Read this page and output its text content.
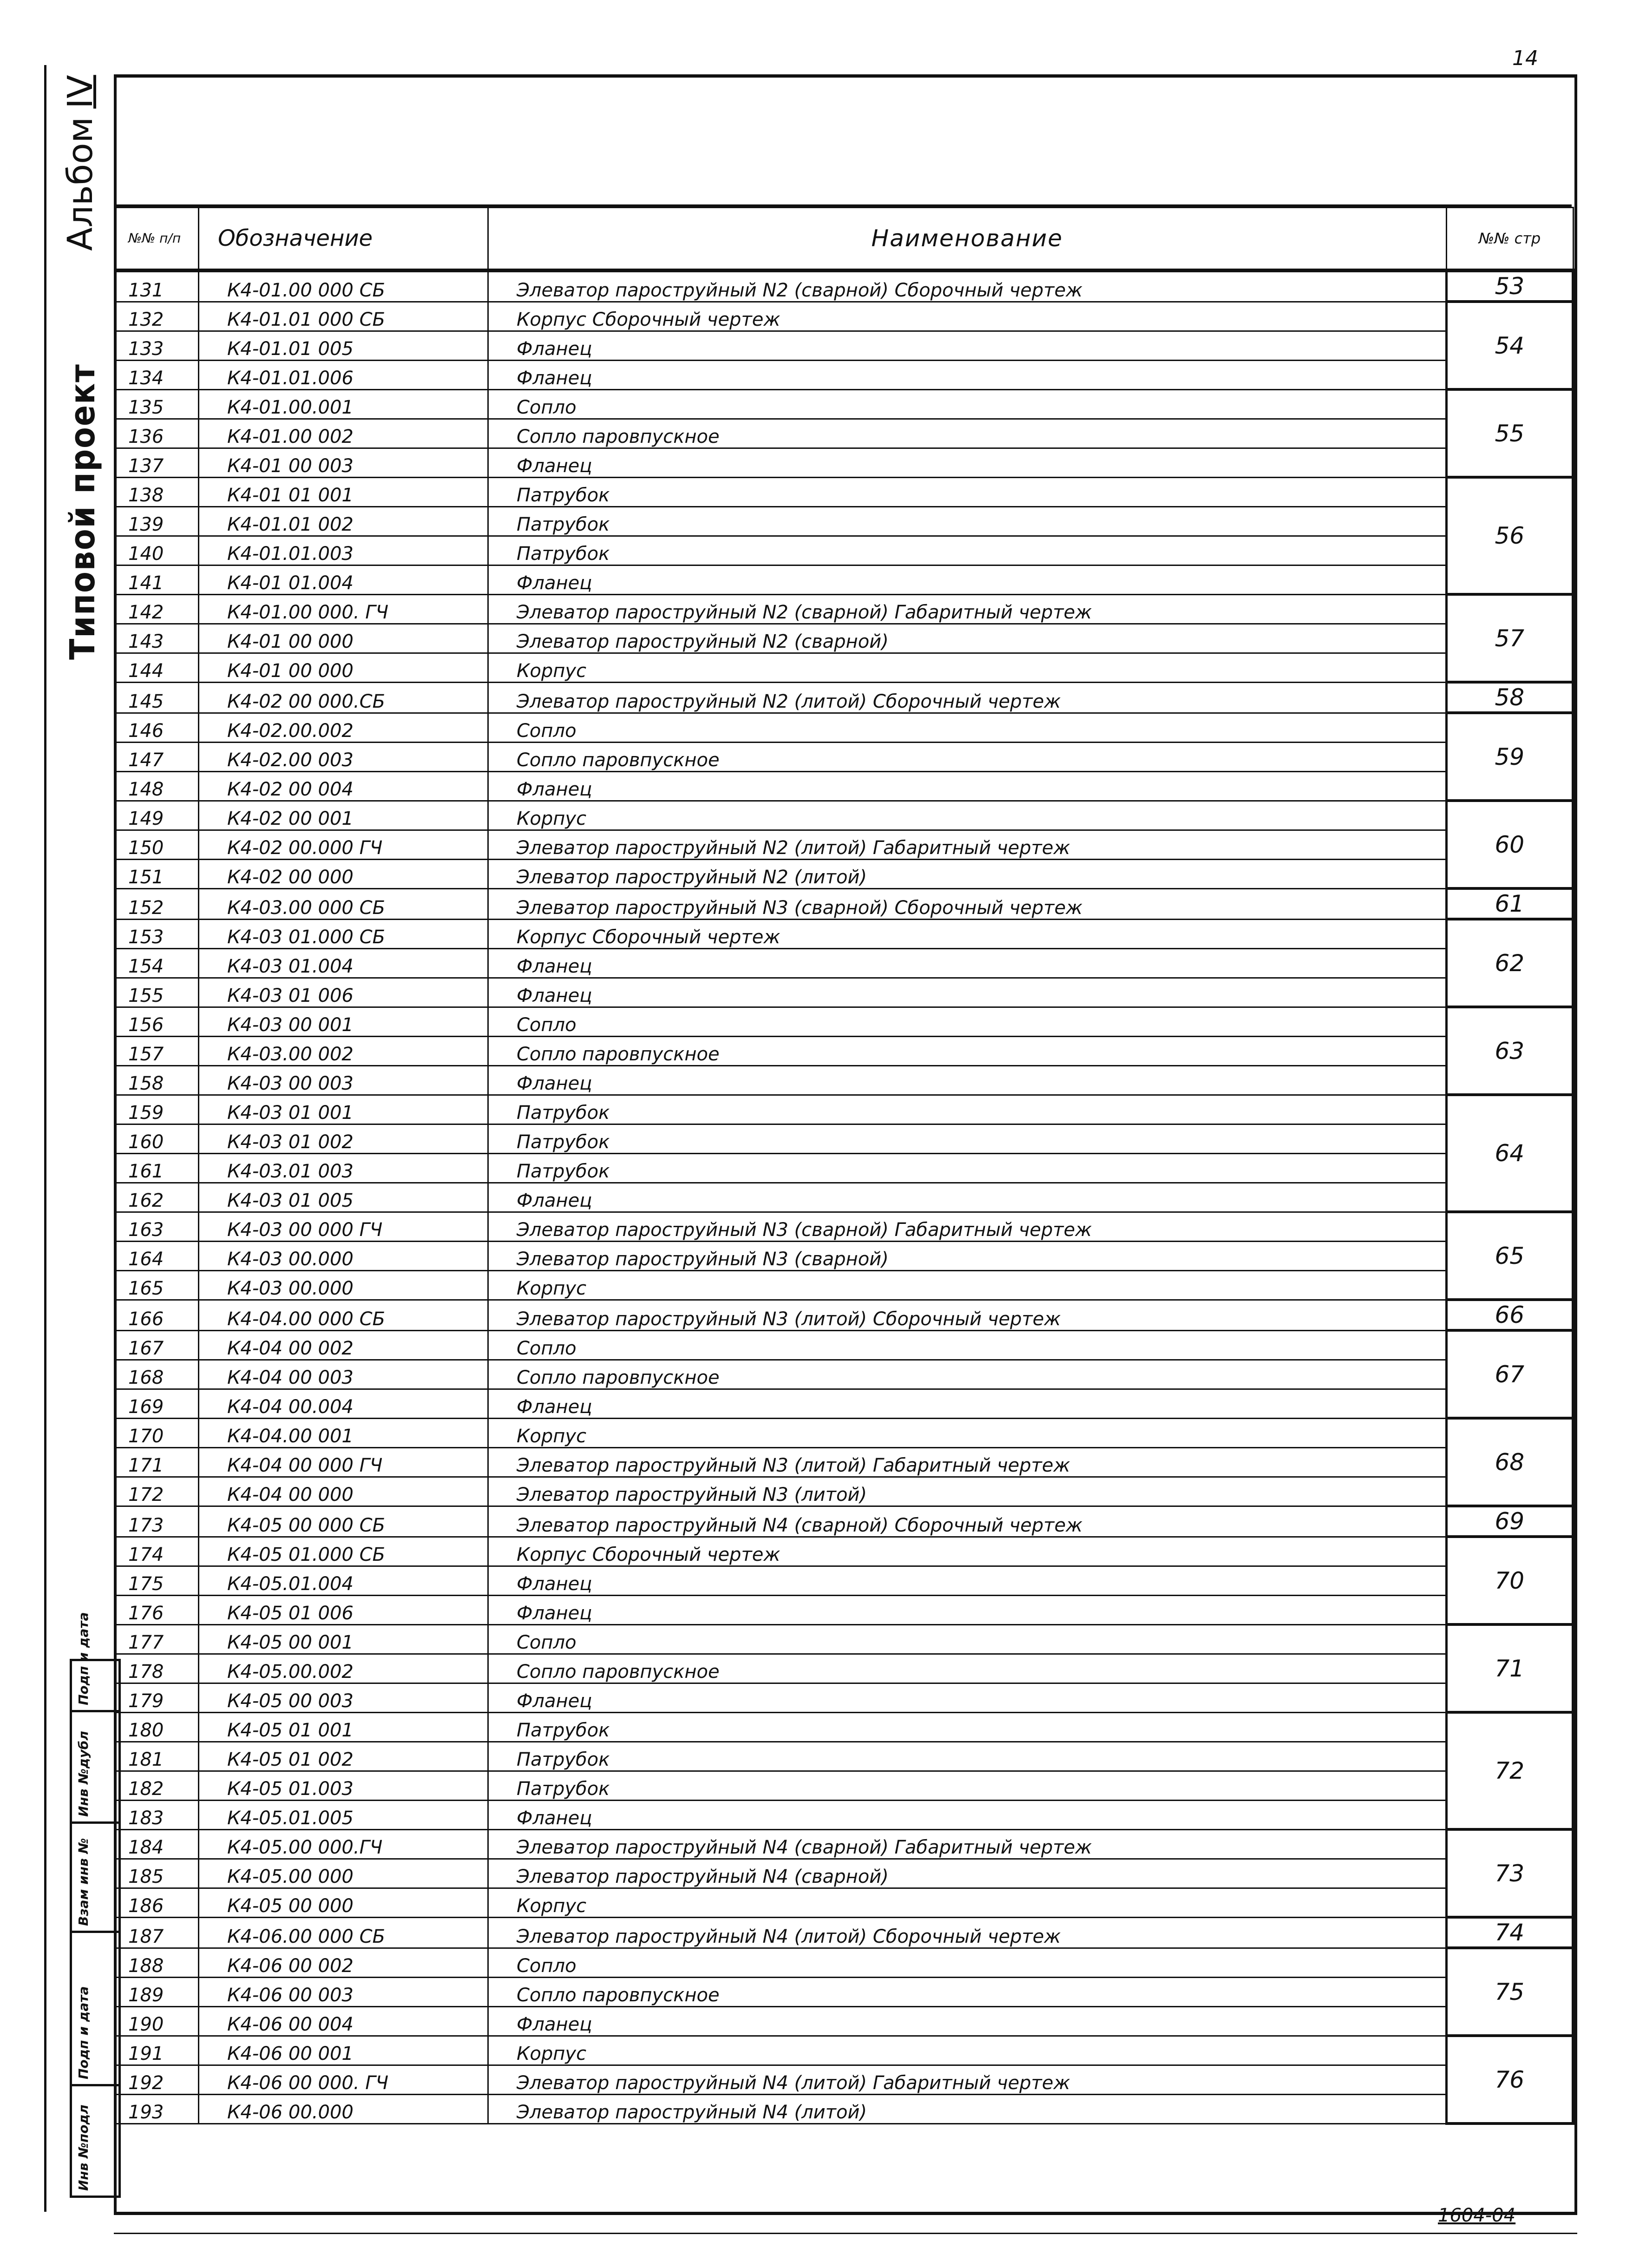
АльбомIV
Типовой проект
14
№№ п/п	Обозначение	Наименование	№№ стр
131	К4-01.00 000 СБ	Элеватор пароструйный N2 (сварной) Сборочный чертеж	53
132	К4-01.01 000 СБ	Корпус Сборочный чертеж	54
133	К4-01.01 005	Фланец	
134	К4-01.01.006	Фланец	
135	К4-01.00.001	Сопло	55
136	К4-01.00 002	Сопло паровпускное	
137	К4-01 00 003	Фланец	
138	К4-01 01 001	Патрубок	56
139	К4-01.01 002	Патрубок	
140	К4-01.01.003	Патрубок	
141	К4-01 01.004	Фланец	
142	К4-01.00 000. ГЧ	Элеватор пароструйный N2 (сварной) Габаритный чертеж	57
143	К4-01 00 000	Элеватор пароструйный N2 (сварной)	
144	К4-01 00 000	Корпус	
145	К4-02 00 000.СБ	Элеватор пароструйный N2 (литой) Сборочный чертеж	58
146	К4-02.00.002	Сопло	59
147	К4-02.00 003	Сопло паровпускное	
148	К4-02 00 004	Фланец	
149	К4-02 00 001	Корпус	60
150	К4-02 00.000 ГЧ	Элеватор пароструйный N2 (литой) Габаритный чертеж	
151	К4-02 00 000	Элеватор пароструйный N2 (литой)	
152	К4-03.00 000 СБ	Элеватор пароструйный N3 (сварной) Сборочный чертеж	61
153	К4-03 01.000 СБ	Корпус Сборочный чертеж	62
154	К4-03 01.004	Фланец	
155	К4-03 01 006	Фланец	
156	К4-03 00 001	Сопло	63
157	К4-03.00 002	Сопло паровпускное	
158	К4-03 00 003	Фланец	
159	К4-03 01 001	Патрубок	64
160	К4-03 01 002	Патрубок	
161	К4-03.01 003	Патрубок	
162	К4-03 01 005	Фланец	
163	К4-03 00 000 ГЧ	Элеватор пароструйный N3 (сварной) Габаритный чертеж	65
164	К4-03 00.000	Элеватор пароструйный N3 (сварной)	
165	К4-03 00.000	Корпус	
166	К4-04.00 000 СБ	Элеватор пароструйный N3 (литой) Сборочный чертеж	66
167	К4-04 00 002	Сопло	67
168	К4-04 00 003	Сопло паровпускное	
169	К4-04 00.004	Фланец	
170	К4-04.00 001	Корпус	68
171	К4-04 00 000 ГЧ	Элеватор пароструйный N3 (литой) Габаритный чертеж	
172	К4-04 00 000	Элеватор пароструйный N3 (литой)	
173	К4-05 00 000 СБ	Элеватор пароструйный N4 (сварной) Сборочный чертеж	69
174	К4-05 01.000 СБ	Корпус Сборочный чертеж	70
175	К4-05.01.004	Фланец	
176	К4-05 01 006	Фланец	
177	К4-05 00 001	Сопло	71
178	К4-05.00.002	Сопло паровпускное	
179	К4-05 00 003	Фланец	
180	К4-05 01 001	Патрубок	72
181	К4-05 01 002	Патрубок	
182	К4-05 01.003	Патрубок	
183	К4-05.01.005	Фланец	
184	К4-05.00 000.ГЧ	Элеватор пароструйный N4 (сварной) Габаритный чертеж	73
185	К4-05.00 000	Элеватор пароструйный N4 (сварной)	
186	К4-05 00 000	Корпус	
187	К4-06.00 000 СБ	Элеватор пароструйный N4 (литой) Сборочный чертеж	74
188	К4-06 00 002	Сопло	75
189	К4-06 00 003	Сопло паровпускное	
190	К4-06 00 004	Фланец	
191	К4-06 00 001	Корпус	76
192	К4-06 00 000. ГЧ	Элеватор пароструйный N4 (литой) Габаритный чертеж	
193	К4-06 00.000	Элеватор пароструйный N4 (литой)	

Инв №подл
Подп и дата
Взам инв №
Инв №дубл
Подп и дата
1604-04
